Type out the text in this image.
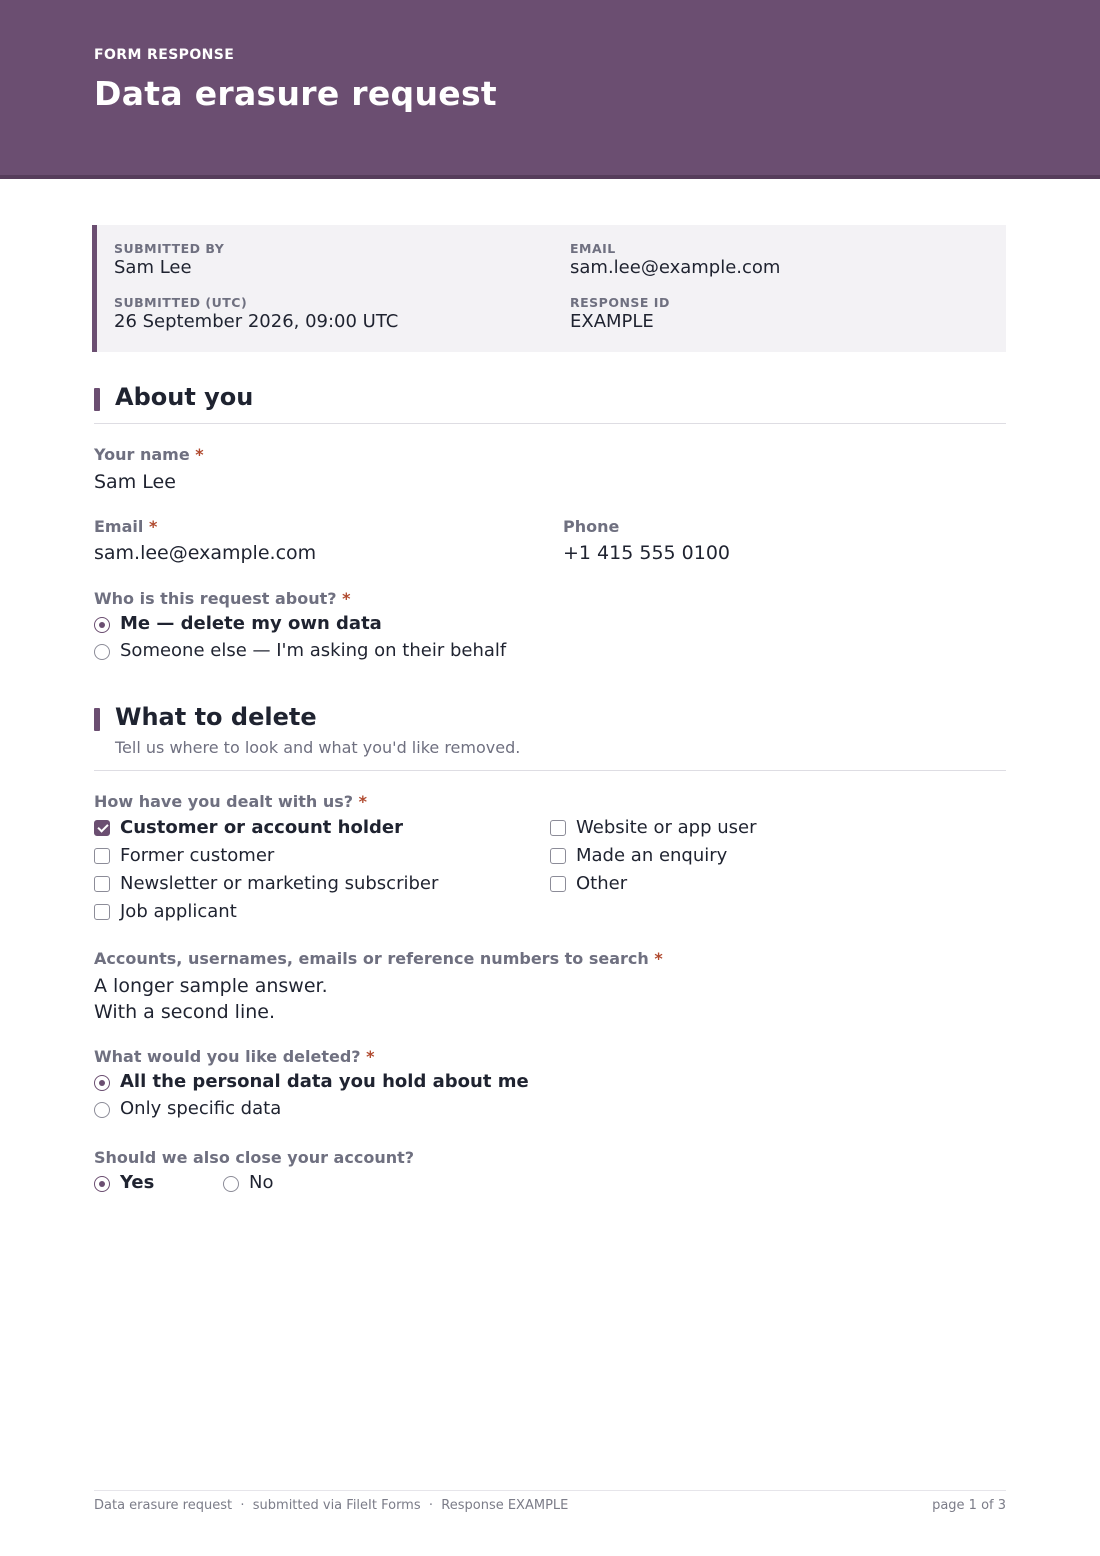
FORM RESPONSE
Data erasure request
SUBMITTED BY
Sam Lee
EMAIL
sam.lee@example.com
SUBMITTED (UTC)
26 September 2026, 09:00 UTC
RESPONSE ID
EXAMPLE
About you
Your name *
Sam Lee
Email *
sam.lee@example.com
Phone
+1 415 555 0100
Who is this request about? *
Me — delete my own data
Someone else — I'm asking on their behalf
What to delete
Tell us where to look and what you'd like removed.
How have you dealt with us? *
Customer or account holder
Former customer
Newsletter or marketing subscriber
Job applicant
Website or app user
Made an enquiry
Other
Accounts, usernames, emails or reference numbers to search *
A longer sample answer.
With a second line.
What would you like deleted? *
All the personal data you hold about me
Only specific data
Should we also close your account?
Yes	No
Data erasure request  ·  submitted via FileIt Forms  ·  Response EXAMPLE	page 1 of 3
